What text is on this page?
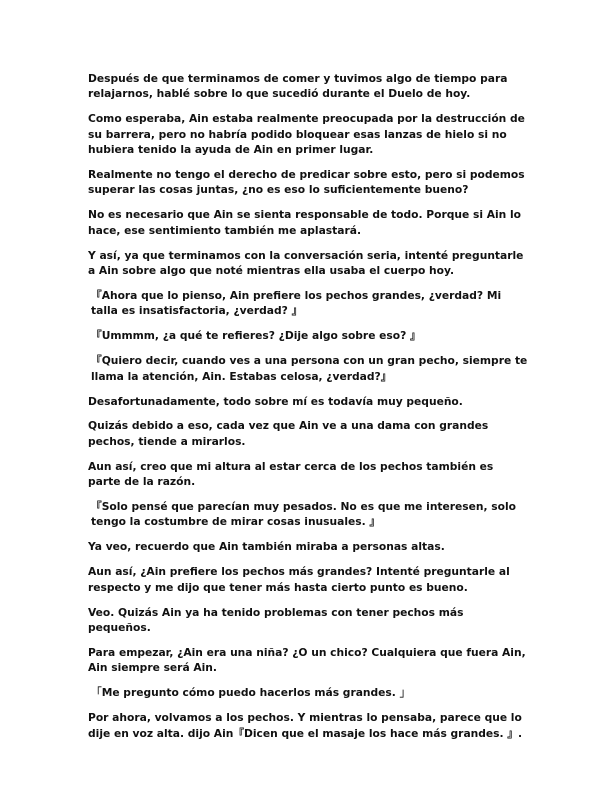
Después de que terminamos de comer y tuvimos algo de tiempo para relajarnos, hablé sobre lo que sucedió durante el Duelo de hoy.

Como esperaba, Ain estaba realmente preocupada por la destrucción de su barrera, pero no habría podido bloquear esas lanzas de hielo si no hubiera tenido la ayuda de Ain en primer lugar.

Realmente no tengo el derecho de predicar sobre esto, pero si podemos superar las cosas juntas, ¿no es eso lo suficientemente bueno?

No es necesario que Ain se sienta responsable de todo. Porque si Ain lo hace, ese sentimiento también me aplastará.

Y así, ya que terminamos con la conversación seria, intenté preguntarle a Ain sobre algo que noté mientras ella usaba el cuerpo hoy.

『Ahora que lo pienso, Ain prefiere los pechos grandes, ¿verdad? Mi talla es insatisfactoria, ¿verdad? 』

『Ummmm, ¿a qué te refieres? ¿Dije algo sobre eso? 』

『Quiero decir, cuando ves a una persona con un gran pecho, siempre te llama la atención, Ain. Estabas celosa, ¿verdad?』

Desafortunadamente, todo sobre mí es todavía muy pequeño.

Quizás debido a eso, cada vez que Ain ve a una dama con grandes pechos, tiende a mirarlos.

Aun así, creo que mi altura al estar cerca de los pechos también es parte de la razón.

『Solo pensé que parecían muy pesados. No es que me interesen, solo tengo la costumbre de mirar cosas inusuales. 』

Ya veo, recuerdo que Ain también miraba a personas altas.

Aun así, ¿Ain prefiere los pechos más grandes? Intenté preguntarle al respecto y me dijo que tener más hasta cierto punto es bueno.

Veo. Quizás Ain ya ha tenido problemas con tener pechos más pequeños.

Para empezar, ¿Ain era una niña? ¿O un chico? Cualquiera que fuera Ain, Ain siempre será Ain.

「Me pregunto cómo puedo hacerlos más grandes. 」

Por ahora, volvamos a los pechos. Y mientras lo pensaba, parece que lo dije en voz alta. dijo Ain『Dicen que el masaje los hace más grandes. 』.
